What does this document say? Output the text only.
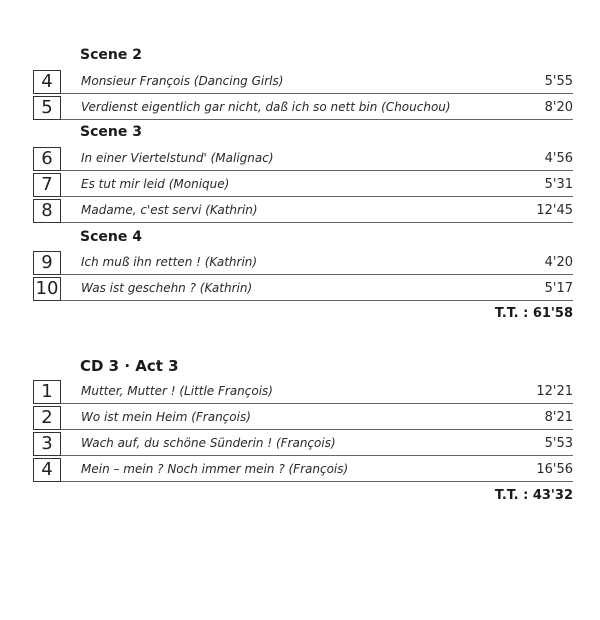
Scene 2
4	Monsieur François (Dancing Girls)	5'55
5	Verdienst eigentlich gar nicht, daß ich so nett bin (Chouchou)	8'20
Scene 3
6	In einer Viertelstund' (Malignac)	4'56
7	Es tut mir leid (Monique)	5'31
8	Madame, c'est servi (Kathrin)	12'45
Scene 4
9	Ich muß ihn retten ! (Kathrin)	4'20
10 Was ist geschehn ? (Kathrin)	5'17
T.T. : 61'58
CD 3 · Act 3
1	Mutter, Mutter ! (Little François)	12'21
2	Wo ist mein Heim (François)	8'21
3	Wach auf, du schöne Sünderin ! (François)	5'53
4	Mein – mein ? Noch immer mein ? (François)	16'56
T.T. : 43'32
